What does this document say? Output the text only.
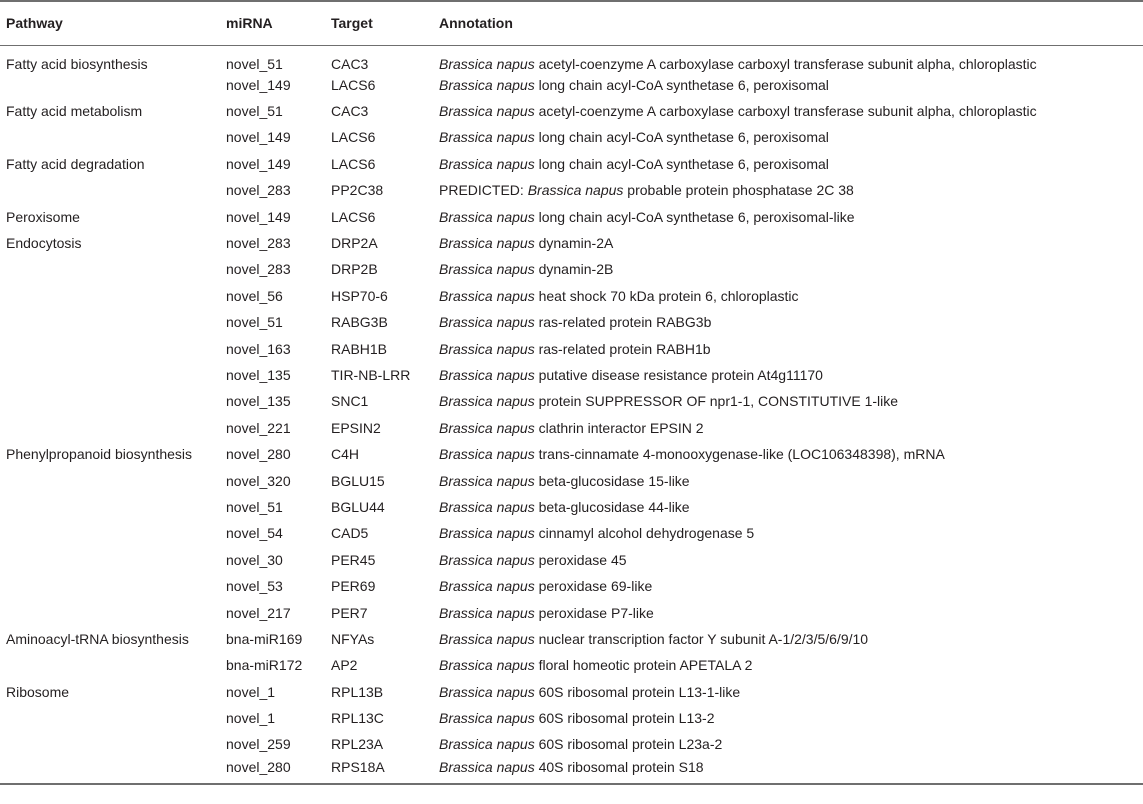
Pathway	miRNA	Target	Annotation
Fatty acid biosynthesis	novel_51	CAC3	Brassica napus acetyl-coenzyme A carboxylase carboxyl transferase subunit alpha, chloroplastic
	novel_149	LACS6	Brassica napus long chain acyl-CoA synthetase 6, peroxisomal
Fatty acid metabolism	novel_51	CAC3	Brassica napus acetyl-coenzyme A carboxylase carboxyl transferase subunit alpha, chloroplastic
	novel_149	LACS6	Brassica napus long chain acyl-CoA synthetase 6, peroxisomal
Fatty acid degradation	novel_149	LACS6	Brassica napus long chain acyl-CoA synthetase 6, peroxisomal
	novel_283	PP2C38	PREDICTED: Brassica napus probable protein phosphatase 2C 38
Peroxisome	novel_149	LACS6	Brassica napus long chain acyl-CoA synthetase 6, peroxisomal-like
Endocytosis	novel_283	DRP2A	Brassica napus dynamin-2A
	novel_283	DRP2B	Brassica napus dynamin-2B
	novel_56	HSP70-6	Brassica napus heat shock 70 kDa protein 6, chloroplastic
	novel_51	RABG3B	Brassica napus ras-related protein RABG3b
	novel_163	RABH1B	Brassica napus ras-related protein RABH1b
	novel_135	TIR-NB-LRR	Brassica napus putative disease resistance protein At4g11170
	novel_135	SNC1	Brassica napus protein SUPPRESSOR OF npr1-1, CONSTITUTIVE 1-like
	novel_221	EPSIN2	Brassica napus clathrin interactor EPSIN 2
Phenylpropanoid biosynthesis	novel_280	C4H	Brassica napus trans-cinnamate 4-monooxygenase-like (LOC106348398), mRNA
	novel_320	BGLU15	Brassica napus beta-glucosidase 15-like
	novel_51	BGLU44	Brassica napus beta-glucosidase 44-like
	novel_54	CAD5	Brassica napus cinnamyl alcohol dehydrogenase 5
	novel_30	PER45	Brassica napus peroxidase 45
	novel_53	PER69	Brassica napus peroxidase 69-like
	novel_217	PER7	Brassica napus peroxidase P7-like
Aminoacyl-tRNA biosynthesis	bna-miR169	NFYAs	Brassica napus nuclear transcription factor Y subunit A-1/2/3/5/6/9/10
	bna-miR172	AP2	Brassica napus floral homeotic protein APETALA 2
Ribosome	novel_1	RPL13B	Brassica napus 60S ribosomal protein L13-1-like
	novel_1	RPL13C	Brassica napus 60S ribosomal protein L13-2
	novel_259	RPL23A	Brassica napus 60S ribosomal protein L23a-2
	novel_280	RPS18A	Brassica napus 40S ribosomal protein S18
